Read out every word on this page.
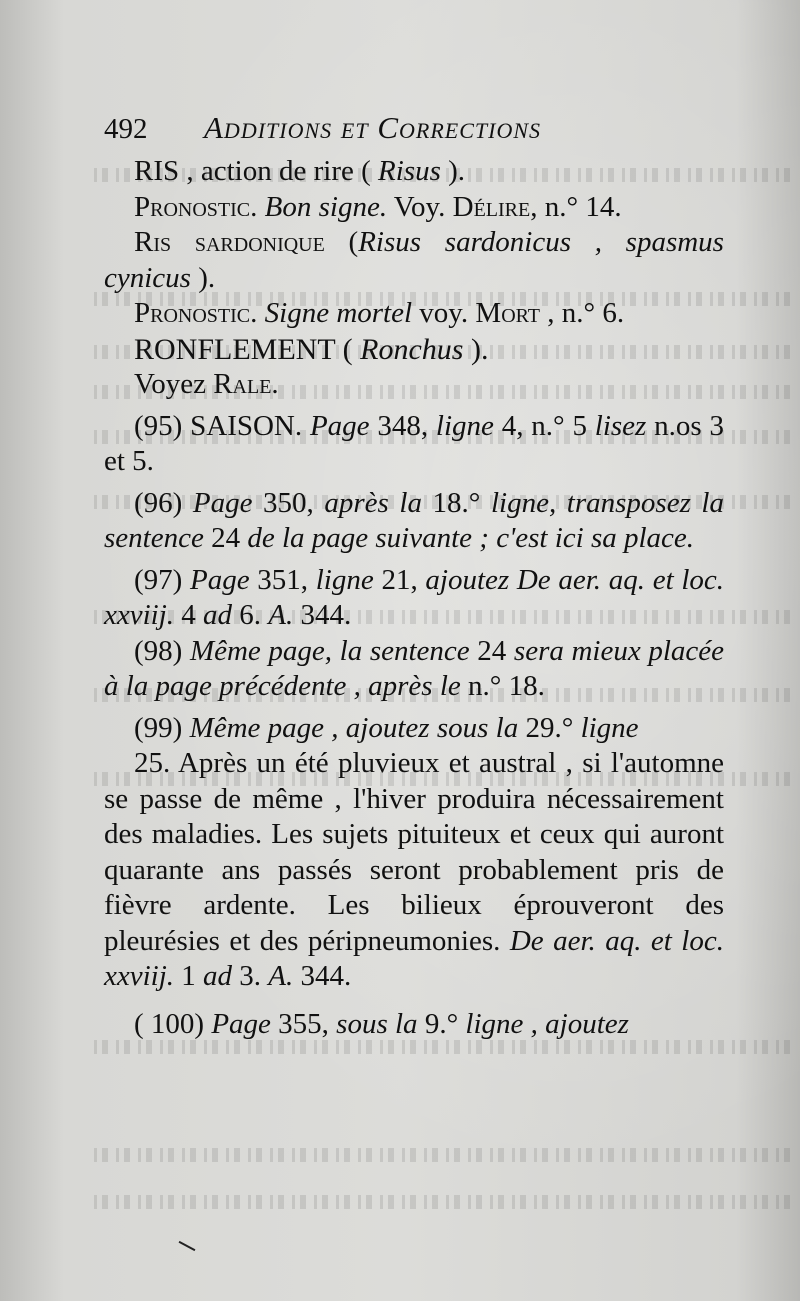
492	Additions et Corrections

RIS , action de rire ( Risus ).

Pronostic. Bon signe. Voy. Délire, n.° 14.

Ris sardonique (Risus sardonicus , spasmus cynicus ).

Pronostic. Signe mortel voy. Mort , n.° 6.

RONFLEMENT ( Ronchus ).

Voyez Rale.

(95) SAISON. Page 348, ligne 4, n.° 5 lisez n.os 3 et 5.

(96) Page 350, après la 18.° ligne, transposez la sentence 24 de la page suivante ; c'est ici sa place.

(97) Page 351, ligne 21, ajoutez De aer. aq. et loc. xxviij. 4 ad 6. A. 344.

(98) Même page, la sentence 24 sera mieux placée à la page précédente , après le n.° 18.

(99) Même page , ajoutez sous la 29.° ligne

25. Après un été pluvieux et austral , si l'automne se passe de même , l'hiver produira nécessairement des maladies. Les sujets pituiteux et ceux qui auront quarante ans passés seront probablement pris de fièvre ardente. Les bilieux éprouveront des pleurésies et des péripneumonies. De aer. aq. et loc. xxviij. 1 ad 3. A. 344.

( 100) Page 355, sous la 9.° ligne , ajoutez
